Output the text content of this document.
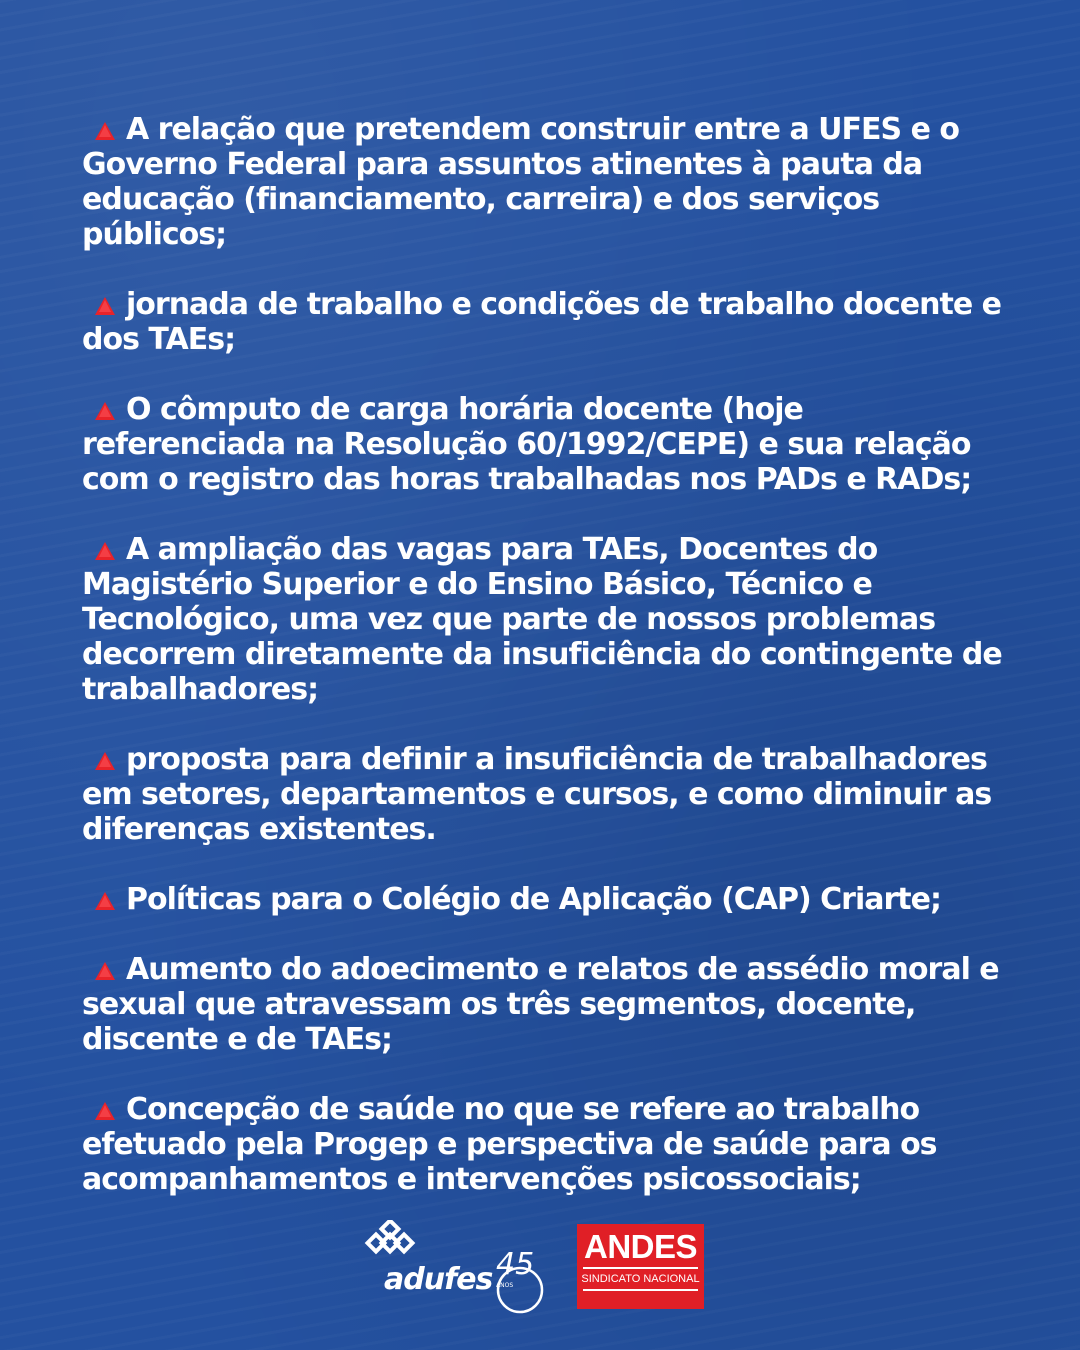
A relação que pretendem construir entre a UFES e o Governo Federal para assuntos atinentes à pauta da educação (financiamento, carreira) e dos serviços públicos;

jornada de trabalho e condições de trabalho docente e dos TAEs;

O cômputo de carga horária docente (hoje referenciada na Resolução 60/1992/CEPE) e sua relação com o registro das horas trabalhadas nos PADs e RADs;

A ampliação das vagas para TAEs, Docentes do Magistério Superior e do Ensino Básico, Técnico e Tecnológico, uma vez que parte de nossos problemas decorrem diretamente da insuficiência do contingente de trabalhadores;

proposta para definir a insuficiência de trabalhadores em setores, departamentos e cursos, e como diminuir as diferenças existentes.

Políticas para o Colégio de Aplicação (CAP) Criarte;

Aumento do adoecimento e relatos de assédio moral e sexual que atravessam os três segmentos, docente, discente e de TAEs;

Concepção de saúde no que se refere ao trabalho efetuado pela Progep e perspectiva de saúde para os acompanhamentos e intervenções psicossociais;

adufes 45
ANOS
ANDES
SINDICATO NACIONAL
